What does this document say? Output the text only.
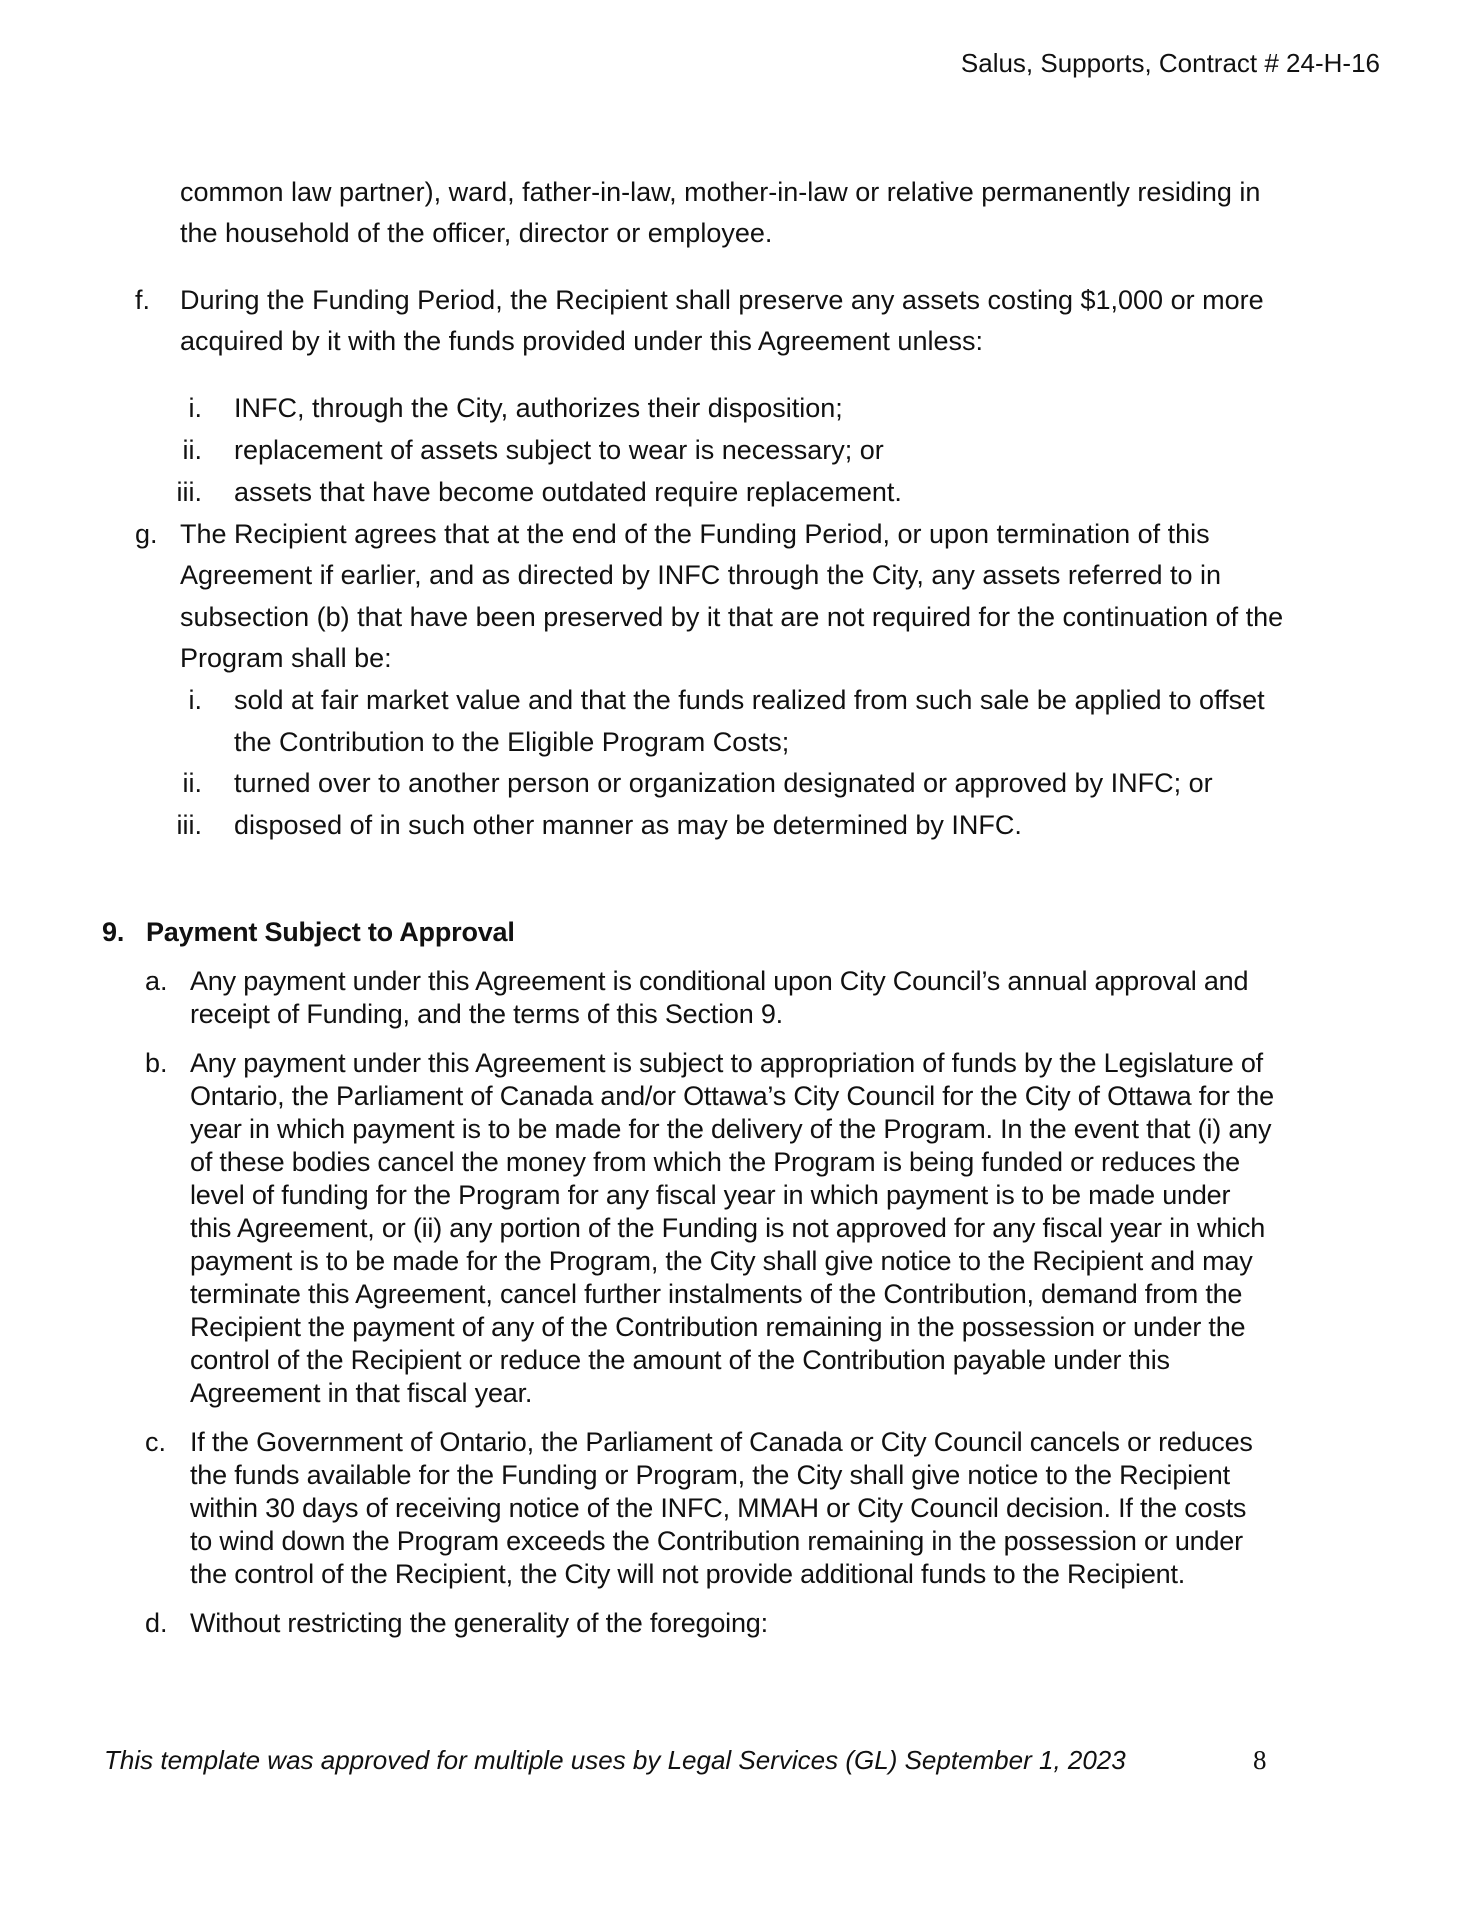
Salus, Supports, Contract # 24-H-16
common law partner), ward, father-in-law, mother-in-law or relative permanently residing in
the household of the officer, director or employee.
f. During the Funding Period, the Recipient shall preserve any assets costing $1,000 or more
acquired by it with the funds provided under this Agreement unless:
i. INFC, through the City, authorizes their disposition;
ii. replacement of assets subject to wear is necessary; or
iii. assets that have become outdated require replacement.
g. The Recipient agrees that at the end of the Funding Period, or upon termination of this
Agreement if earlier, and as directed by INFC through the City, any assets referred to in
subsection (b) that have been preserved by it that are not required for the continuation of the
Program shall be:
i. sold at fair market value and that the funds realized from such sale be applied to offset
the Contribution to the Eligible Program Costs;
ii. turned over to another person or organization designated or approved by INFC; or
iii. disposed of in such other manner as may be determined by INFC.
9. Payment Subject to Approval
a. Any payment under this Agreement is conditional upon City Council’s annual approval and
receipt of Funding, and the terms of this Section 9.
b. Any payment under this Agreement is subject to appropriation of funds by the Legislature of
Ontario, the Parliament of Canada and/or Ottawa’s City Council for the City of Ottawa for the
year in which payment is to be made for the delivery of the Program. In the event that (i) any
of these bodies cancel the money from which the Program is being funded or reduces the
level of funding for the Program for any fiscal year in which payment is to be made under
this Agreement, or (ii) any portion of the Funding is not approved for any fiscal year in which
payment is to be made for the Program, the City shall give notice to the Recipient and may
terminate this Agreement, cancel further instalments of the Contribution, demand from the
Recipient the payment of any of the Contribution remaining in the possession or under the
control of the Recipient or reduce the amount of the Contribution payable under this
Agreement in that fiscal year.
c. If the Government of Ontario, the Parliament of Canada or City Council cancels or reduces
the funds available for the Funding or Program, the City shall give notice to the Recipient
within 30 days of receiving notice of the INFC, MMAH or City Council decision. If the costs
to wind down the Program exceeds the Contribution remaining in the possession or under
the control of the Recipient, the City will not provide additional funds to the Recipient.
d. Without restricting the generality of the foregoing:
This template was approved for multiple uses by Legal Services (GL) September 1, 2023	8
